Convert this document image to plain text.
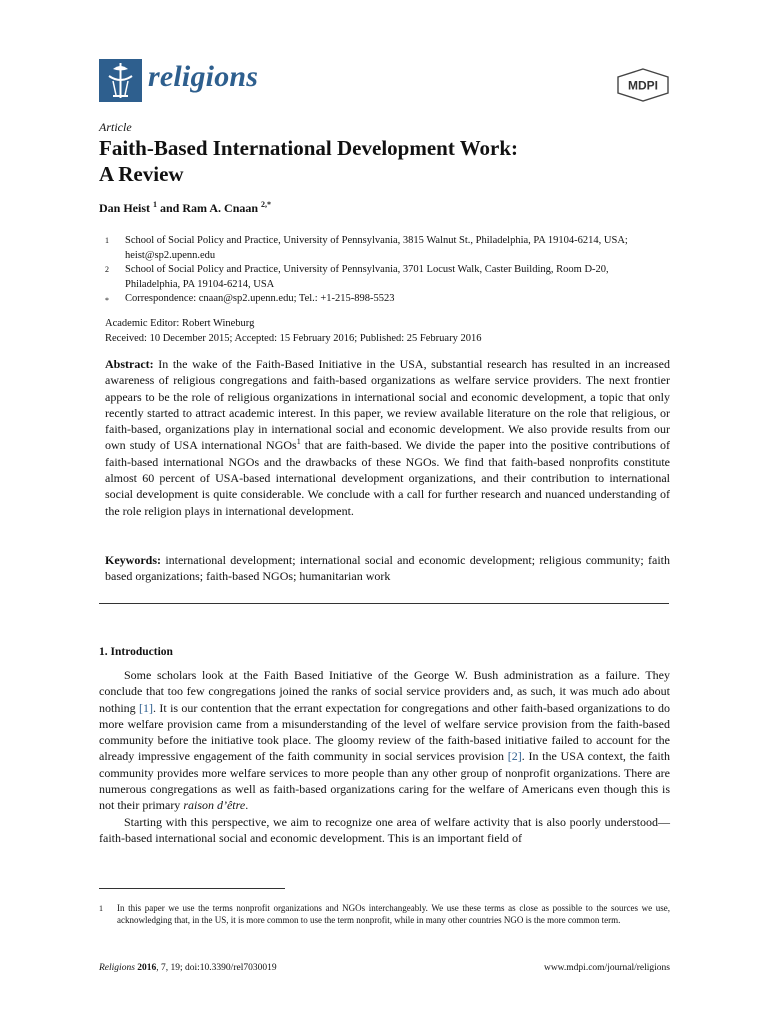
religions	MDPI
Article
Faith-Based International Development Work:
A Review
Dan Heist $^1$ and Ram A. Cnaan $^{2,*}$
1 School of Social Policy and Practice, University of Pennsylvania, 3815 Walnut St., Philadelphia, PA 19104-6214, USA; heist@sp2.upenn.edu
2 School of Social Policy and Practice, University of Pennsylvania, 3701 Locust Walk, Caster Building, Room D-20, Philadelphia, PA 19104-6214, USA
* Correspondence: cnaan@sp2.upenn.edu; Tel.: +1-215-898-5523
Academic Editor: Robert Wineburg
Received: 10 December 2015; Accepted: 15 February 2016; Published: 25 February 2016
Abstract: In the wake of the Faith-Based Initiative in the USA, substantial research has resulted in an increased awareness of religious congregations and faith-based organizations as welfare service providers. The next frontier appears to be the role of religious organizations in international social and economic development, a topic that only recently started to attract academic interest. In this paper, we review available literature on the role that religious, or faith-based, organizations play in international social and economic development. We also provide results from our own study of USA international NGOs$^1$ that are faith-based. We divide the paper into the positive contributions of faith-based international NGOs and the drawbacks of these NGOs. We find that faith-based nonprofits constitute almost 60 percent of USA-based international development organizations, and their contribution to international social development is quite considerable. We conclude with a call for further research and nuanced understanding of the role religion plays in international development.
Keywords: international development; international social and economic development; religious community; faith based organizations; faith-based NGOs; humanitarian work
1. Introduction

Some scholars look at the Faith Based Initiative of the George W. Bush administration as a failure. They conclude that too few congregations joined the ranks of social service providers and, as such, it was much ado about nothing [1]. It is our contention that the errant expectation for congregations and other faith-based organizations to do more welfare provision came from a misunderstanding of the level of welfare service provision from the faith-based community before the initiative took place. The gloomy review of the faith-based initiative failed to account for the already impressive engagement of the faith community in social services provision [2]. In the USA context, the faith community provides more welfare services to more people than any other group of nonprofit organizations. There are numerous congregations as well as faith-based organizations caring for the welfare of Americans even though this is not their primary raison d’être.

Starting with this perspective, we aim to recognize one area of welfare activity that is also poorly understood—faith-based international social and economic development. This is an important field of

1 In this paper we use the terms nonprofit organizations and NGOs interchangeably. We use these terms as close as possible to the sources we use, acknowledging that, in the US, it is more common to use the term nonprofit, while in many other countries NGO is the more common term.
Religions 2016, 7, 19; doi:10.3390/rel7030019	www.mdpi.com/journal/religions
